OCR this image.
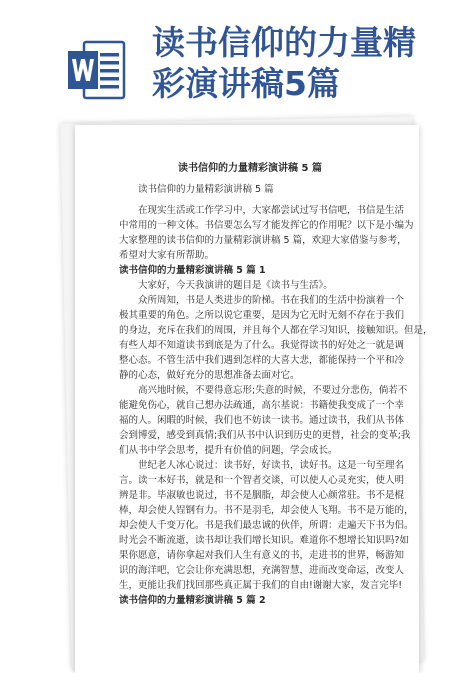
读书信仰的力量精
彩演讲稿5篇
读书信仰的力量精彩演讲稿 5 篇
读书信仰的力量精彩演讲稿 5 篇
在现实生活或工作学习中，大家都尝试过写书信吧，书信是生活
中常用的一种文体。书信要怎么写才能发挥它的作用呢？以下是小编为
大家整理的读书信仰的力量精彩演讲稿 5 篇，欢迎大家借鉴与参考，
希望对大家有所帮助。
读书信仰的力量精彩演讲稿 5 篇 1
大家好，今天我演讲的题目是《读书与生活》。
众所周知，书是人类进步的阶梯。书在我们的生活中扮演着一个
极其重要的角色。之所以说它重要，是因为它无时无刻不存在于我们
的身边，充斥在我们的周围，并且每个人都在学习知识，接触知识。但是，
有些人却不知道读书到底是为了什么。我觉得读书的好处之一就是调
整心态。不管生活中我们遇到怎样的大喜大悲，都能保持一个平和冷
静的心态，做好充分的思想准备去面对它。
高兴地时候，不要得意忘形;失意的时候，不要过分悲伤，倘若不
能避免伤心，就自己想办法疏通，高尔基说：书籍使我变成了一个幸
福的人。闲暇的时候，我们也不妨读一读书。通过读书，我们从书体
会到博爱，感受到真情;我们从书中认识到历史的更替，社会的变革;我
们从书中学会思考，提升有价值的问题，学会成长。
世纪老人冰心说过：读书好，好读书，读好书。这是一句至理名
言。读一本好书，就是和一个智者交谈，可以使人心灵充实，使人明
辨是非。毕淑敏也说过，书不是胭脂，却会使人心颜常驻。书不是棍
棒，却会使人锃钢有力。书不是羽毛，却会使人飞翔。书不是万能的，
却会使人千变万化。书是我们最忠诚的伙伴，所谓：走遍天下书为侣。
时光会不断流逝，读书却让我们增长知识。难道你不想增长知识吗?如
果你愿意，请你拿起对我们人生有意义的书，走进书的世界，畅游知
识的海洋吧，它会让你充满思想，充满智慧，进而改变命运，改变人
生，更能让我们找回那些真正属于我们的自由!谢谢大家，发言完毕!
读书信仰的力量精彩演讲稿 5 篇 2
